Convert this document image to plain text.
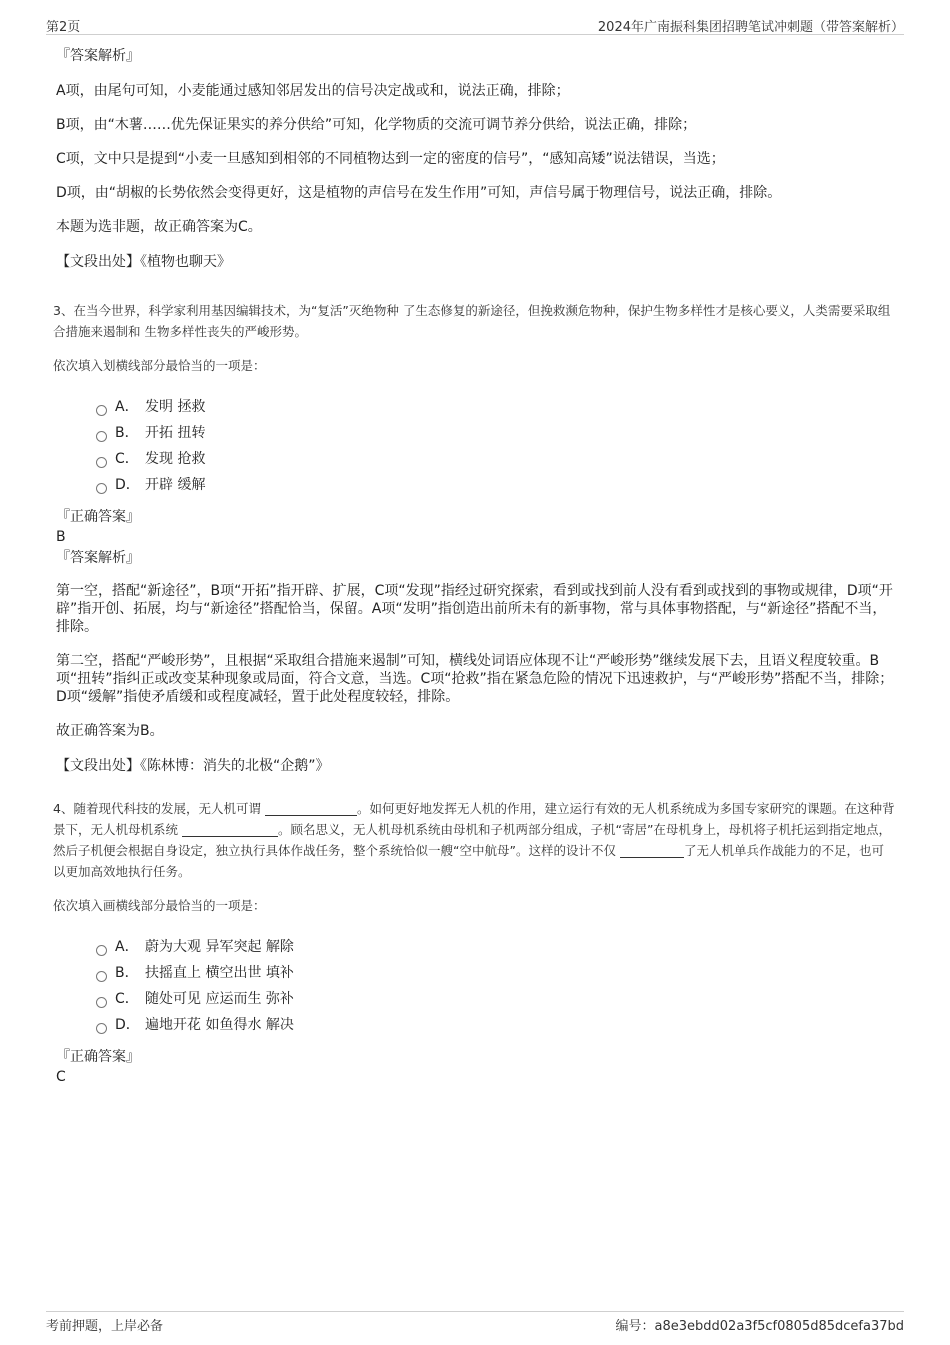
第2页	2024年广南振科集团招聘笔试冲刺题（带答案解析）

『答案解析』

A项，由尾句可知，小麦能通过感知邻居发出的信号决定战或和，说法正确，排除；

B项，由“木薯……优先保证果实的养分供给”可知，化学物质的交流可调节养分供给，说法正确，排除；

C项，文中只是提到“小麦一旦感知到相邻的不同植物达到一定的密度的信号”，“感知高矮”说法错误，当选；

D项，由“胡椒的长势依然会变得更好，这是植物的声信号在发生作用”可知，声信号属于物理信号，说法正确，排除。

本题为选非题，故正确答案为C。

【文段出处】《植物也聊天》

3、在当今世界，科学家利用基因编辑技术，为“复活”灭绝物种 了生态修复的新途径，但挽救濒危物种，保护生物多样性才是核心要义，人类需要采取组合措施来遏制和 生物多样性丧失的严峻形势。

依次填入划横线部分最恰当的一项是：

A． 发明 拯救
B． 开拓 扭转
C． 发现 抢救
D． 开辟 缓解

『正确答案』

B

『答案解析』

第一空，搭配“新途径”，B项“开拓”指开辟、扩展，C项“发现”指经过研究探索，看到或找到前人没有看到或找到的事物或规律，D项“开辟”指开创、拓展，均与“新途径”搭配恰当，保留。A项“发明”指创造出前所未有的新事物，常与具体事物搭配，与“新途径”搭配不当，排除。

第二空，搭配“严峻形势”，且根据“采取组合措施来遏制”可知，横线处词语应体现不让“严峻形势”继续发展下去，且语义程度较重。B项“扭转”指纠正或改变某种现象或局面，符合文意，当选。C项“抢救”指在紧急危险的情况下迅速救护，与“严峻形势”搭配不当，排除；D项“缓解”指使矛盾缓和或程度减轻，置于此处程度较轻，排除。

故正确答案为B。

【文段出处】《陈林博：消失的北极“企鹅”》

4、随着现代科技的发展，无人机可谓	。如何更好地发挥无人机的作用，建立运行有效的无人机系统成为多国专家研究的课题。在这种背景下，无人机母机系统	。顾名思义，无人机母机系统由母机和子机两部分组成，子机“寄居”在母机身上，母机将子机托运到指定地点，然后子机便会根据自身设定，独立执行具体作战任务，整个系统恰似一艘“空中航母”。这样的设计不仅	了无人机单兵作战能力的不足，也可以更加高效地执行任务。

依次填入画横线部分最恰当的一项是：

A． 蔚为大观 异军突起 解除
B． 扶摇直上 横空出世 填补
C． 随处可见 应运而生 弥补
D． 遍地开花 如鱼得水 解决

『正确答案』

C

考前押题，上岸必备	编号：a8e3ebdd02a3f5cf0805d85dcefa37bd
